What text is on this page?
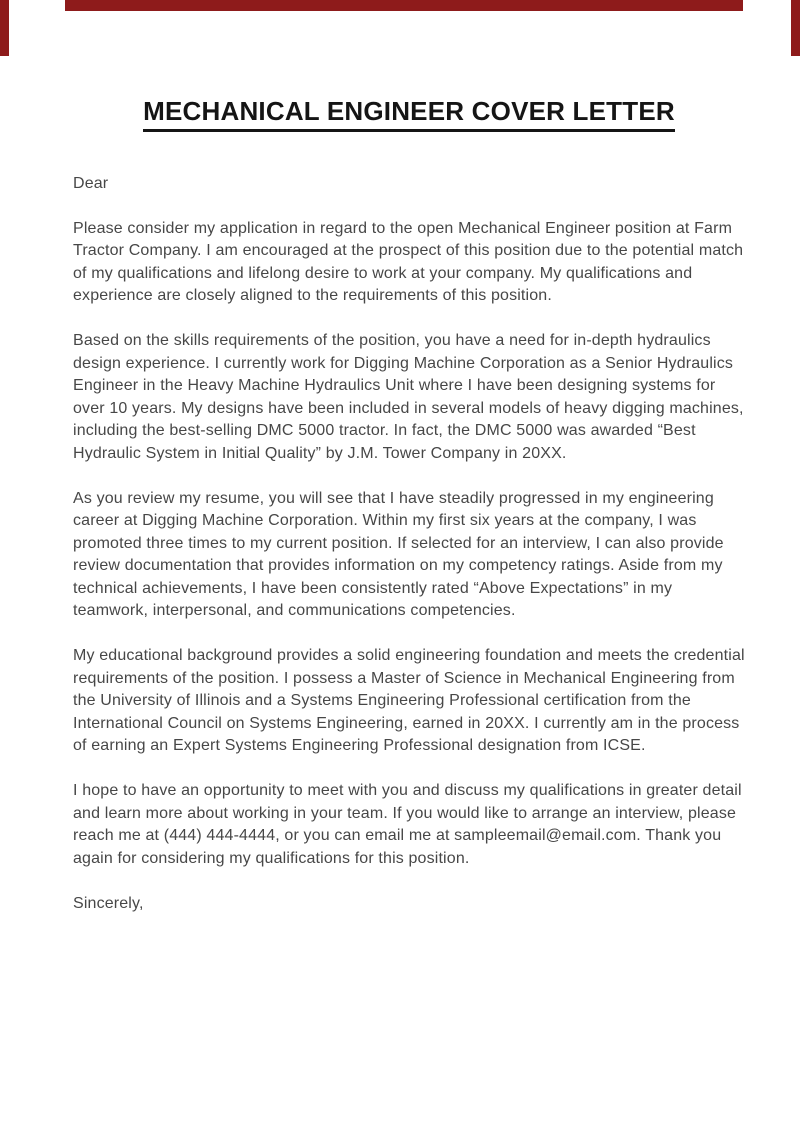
MECHANICAL ENGINEER COVER LETTER

Dear

Please consider my application in regard to the open Mechanical Engineer position at Farm Tractor Company. I am encouraged at the prospect of this position due to the potential match of my qualifications and lifelong desire to work at your company. My qualifications and experience are closely aligned to the requirements of this position.

Based on the skills requirements of the position, you have a need for in-depth hydraulics design experience. I currently work for Digging Machine Corporation as a Senior Hydraulics Engineer in the Heavy Machine Hydraulics Unit where I have been designing systems for over 10 years. My designs have been included in several models of heavy digging machines, including the best-selling DMC 5000 tractor. In fact, the DMC 5000 was awarded “Best Hydraulic System in Initial Quality” by J.M. Tower Company in 20XX.

As you review my resume, you will see that I have steadily progressed in my engineering career at Digging Machine Corporation. Within my first six years at the company, I was promoted three times to my current position. If selected for an interview, I can also provide review documentation that provides information on my competency ratings. Aside from my technical achievements, I have been consistently rated “Above Expectations” in my teamwork, interpersonal, and communications competencies.

My educational background provides a solid engineering foundation and meets the credential requirements of the position. I possess a Master of Science in Mechanical Engineering from the University of Illinois and a Systems Engineering Professional certification from the International Council on Systems Engineering, earned in 20XX. I currently am in the process of earning an Expert Systems Engineering Professional designation from ICSE.

I hope to have an opportunity to meet with you and discuss my qualifications in greater detail and learn more about working in your team. If you would like to arrange an interview, please reach me at (444) 444-4444, or you can email me at sampleemail@email.com. Thank you again for considering my qualifications for this position.

Sincerely,
